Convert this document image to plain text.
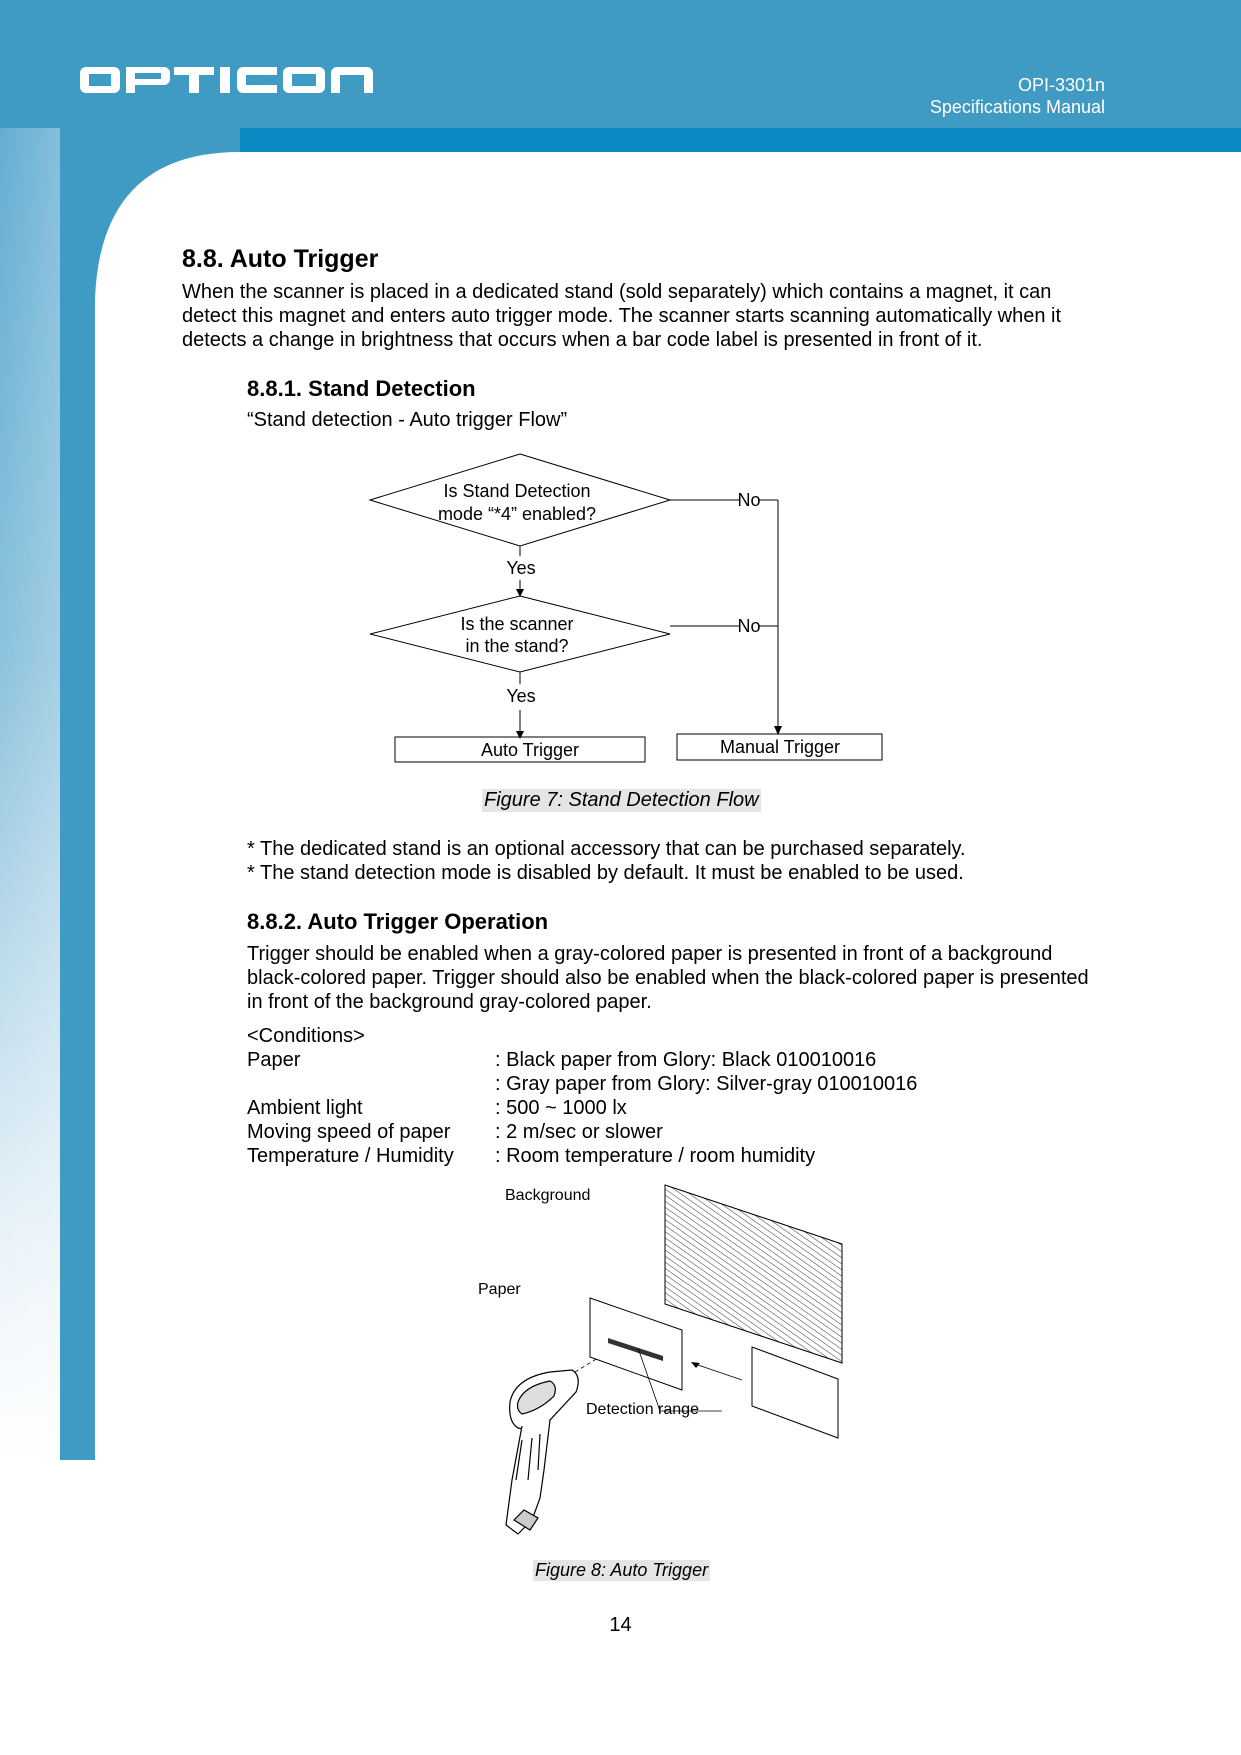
OPI-3301n
Specifications Manual
8.8. Auto Trigger

When the scanner is placed in a dedicated stand (sold separately) which contains a magnet, it can detect this magnet and enters auto trigger mode. The scanner starts scanning automatically when it detects a change in brightness that occurs when a bar code label is presented in front of it.

8.8.1. Stand Detection

“Stand detection - Auto trigger Flow”

Is Stand Detection
mode “*4” enabled?
Is the scanner
in the stand?
Yes
Yes
No
No
Auto Trigger	Manual Trigger
Figure 7: Stand Detection Flow

* The dedicated stand is an optional accessory that can be purchased separately.

* The stand detection mode is disabled by default. It must be enabled to be used.

8.8.2. Auto Trigger Operation

Trigger should be enabled when a gray-colored paper is presented in front of a background black-colored paper. Trigger should also be enabled when the black-colored paper is presented in front of the background gray-colored paper.

<Conditions>

Paper	: Black paper from Glory: Black 010010016
: Gray paper from Glory: Silver-gray 010010016
Ambient light	: 500 ~ 1000 lx
Moving speed of paper : 2 m/sec or slower
Temperature / Humidity : Room temperature / room humidity
Background
Paper
Detection range
Figure 8: Auto Trigger
14
